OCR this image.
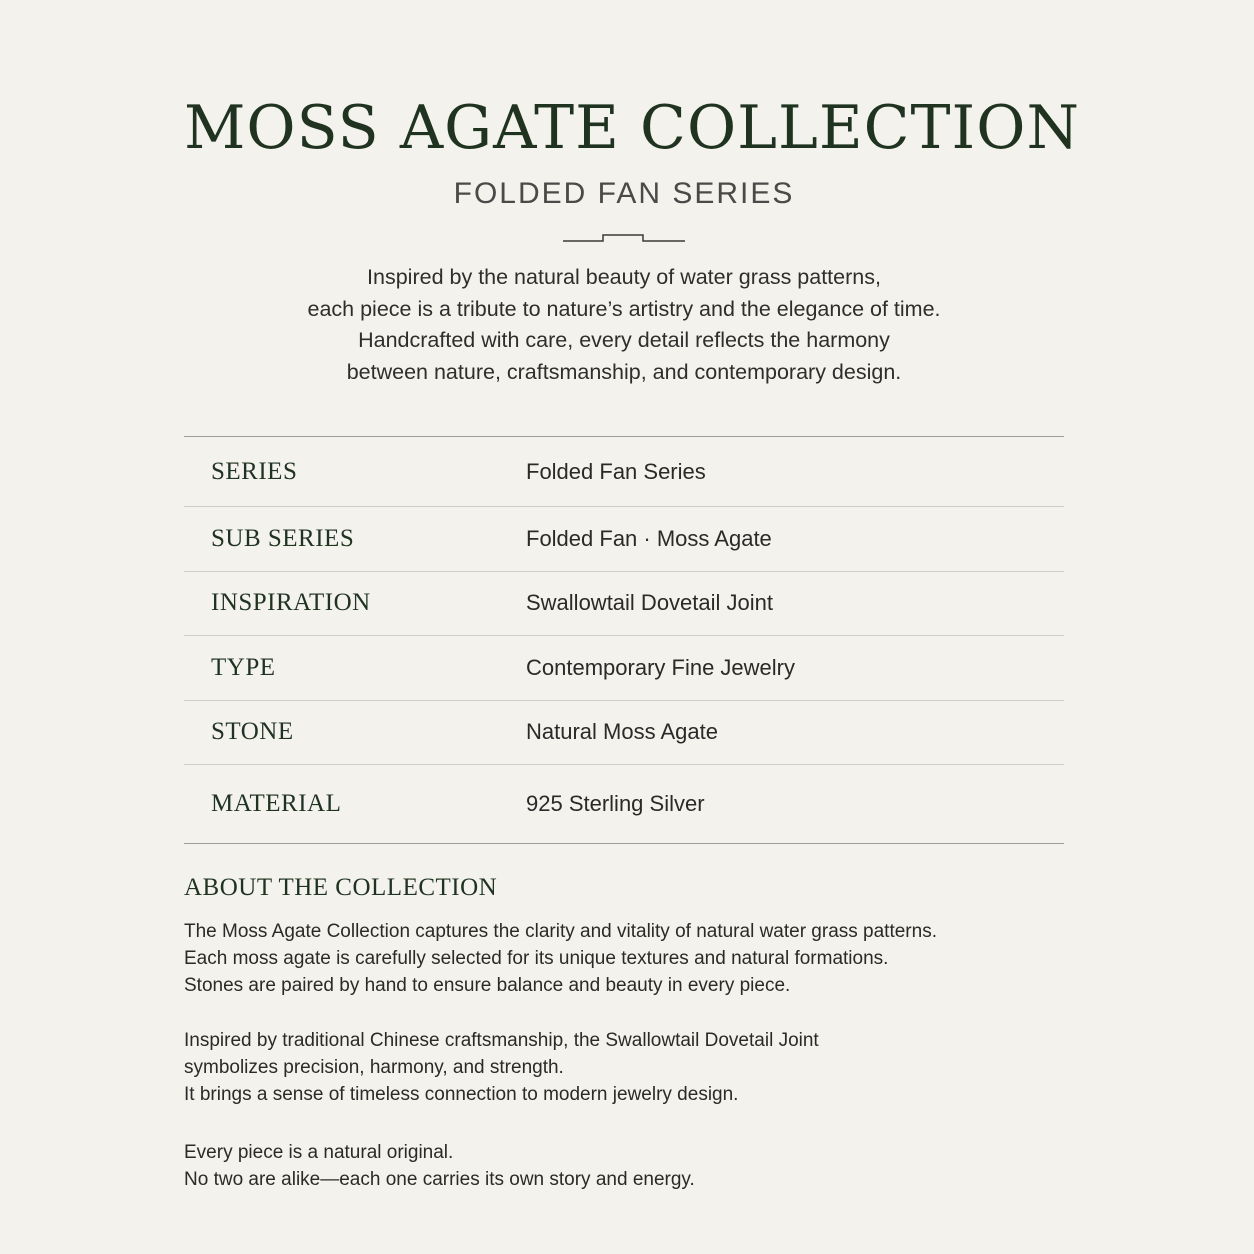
MOSS AGATE COLLECTION
FOLDED FAN SERIES
Inspired by the natural beauty of water grass patterns,
each piece is a tribute to nature’s artistry and the elegance of time.
Handcrafted with care, every detail reflects the harmony
between nature, craftsmanship, and contemporary design.
SERIES	Folded Fan Series
SUB SERIES	Folded Fan · Moss Agate
INSPIRATION	Swallowtail Dovetail Joint
TYPE	Contemporary Fine Jewelry
STONE	Natural Moss Agate
MATERIAL	925 Sterling Silver
ABOUT THE COLLECTION
The Moss Agate Collection captures the clarity and vitality of natural water grass patterns.
Each moss agate is carefully selected for its unique textures and natural formations.
Stones are paired by hand to ensure balance and beauty in every piece.
Inspired by traditional Chinese craftsmanship, the Swallowtail Dovetail Joint
symbolizes precision, harmony, and strength.
It brings a sense of timeless connection to modern jewelry design.
Every piece is a natural original.
No two are alike—each one carries its own story and energy.
